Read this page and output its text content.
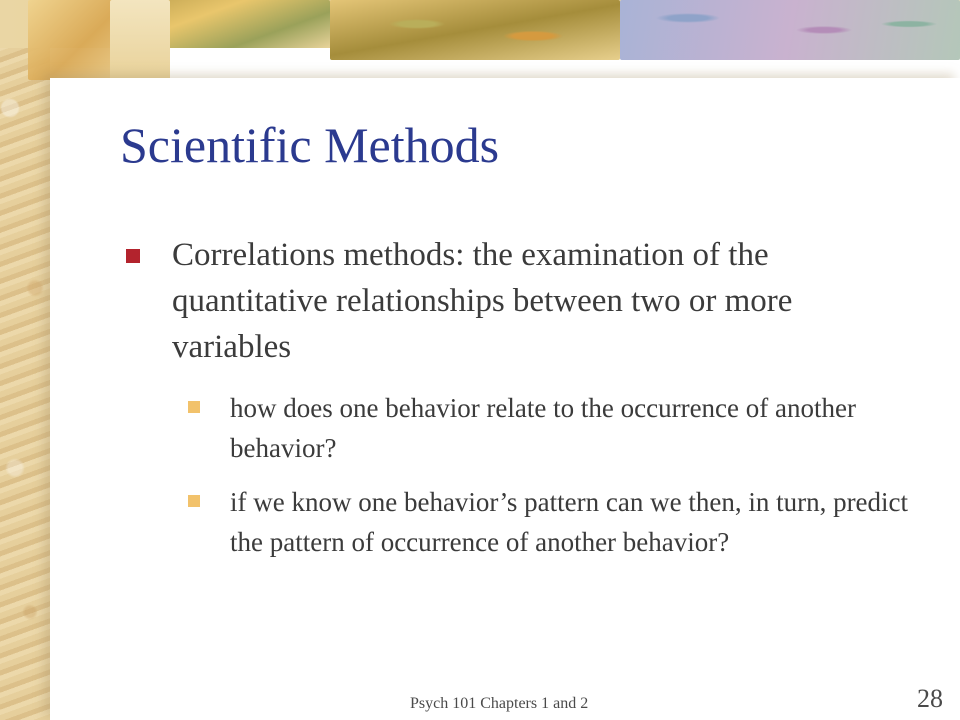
Scientific Methods
Correlations methods: the examination of the quantitative relationships between two or more variables
how does one behavior relate to the occurrence of another behavior?
if we know one behavior’s pattern can we then, in turn, predict the pattern of occurrence of another behavior?
Psych 101 Chapters 1 and 2	28
